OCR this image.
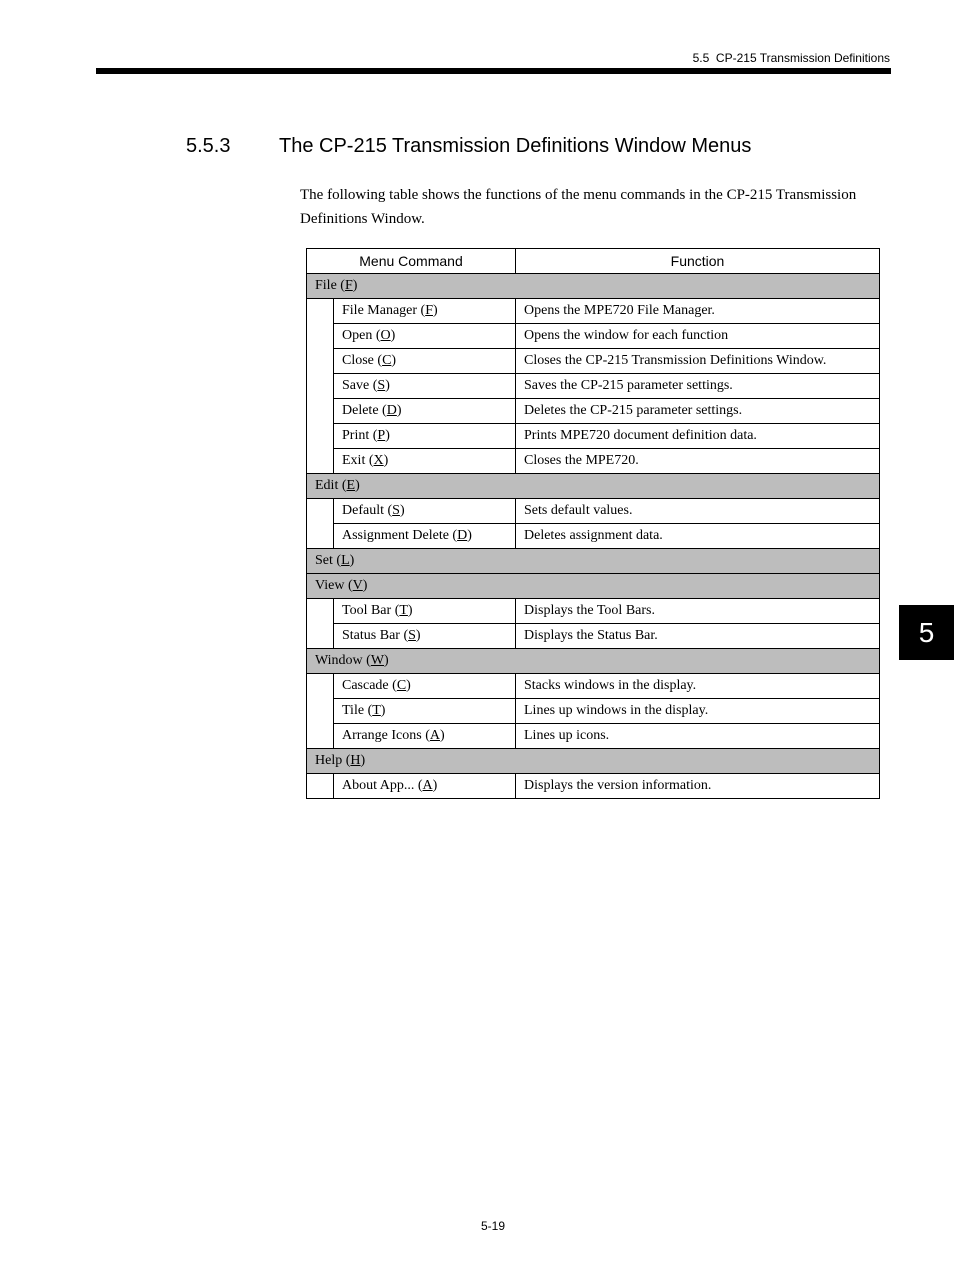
5.5  CP-215 Transmission Definitions
5.5.3 The CP-215 Transmission Definitions Window Menus

The following table shows the functions of the menu commands in the CP-215 Transmission Definitions Window.

Menu Command		Function
File (F)		
	File Manager (F)	Opens the MPE720 File Manager.
	Open (O)	Opens the window for each function
	Close (C)	Closes the CP-215 Transmission Definitions Window.
	Save (S)	Saves the CP-215 parameter settings.
	Delete (D)	Deletes the CP-215 parameter settings.
	Print (P)	Prints MPE720 document definition data.
	Exit (X)	Closes the MPE720.
Edit (E)		
	Default (S)	Sets default values.
	Assignment Delete (D)	Deletes assignment data.
Set (L)		
View (V)		
	Tool Bar (T)	Displays the Tool Bars.
	Status Bar (S)	Displays the Status Bar.
Window (W)		
	Cascade (C)	Stacks windows in the display.
	Tile (T)	Lines up windows in the display.
	Arrange Icons (A)	Lines up icons.
Help (H)		
	About App... (A)	Displays the version information.
5
5-19
